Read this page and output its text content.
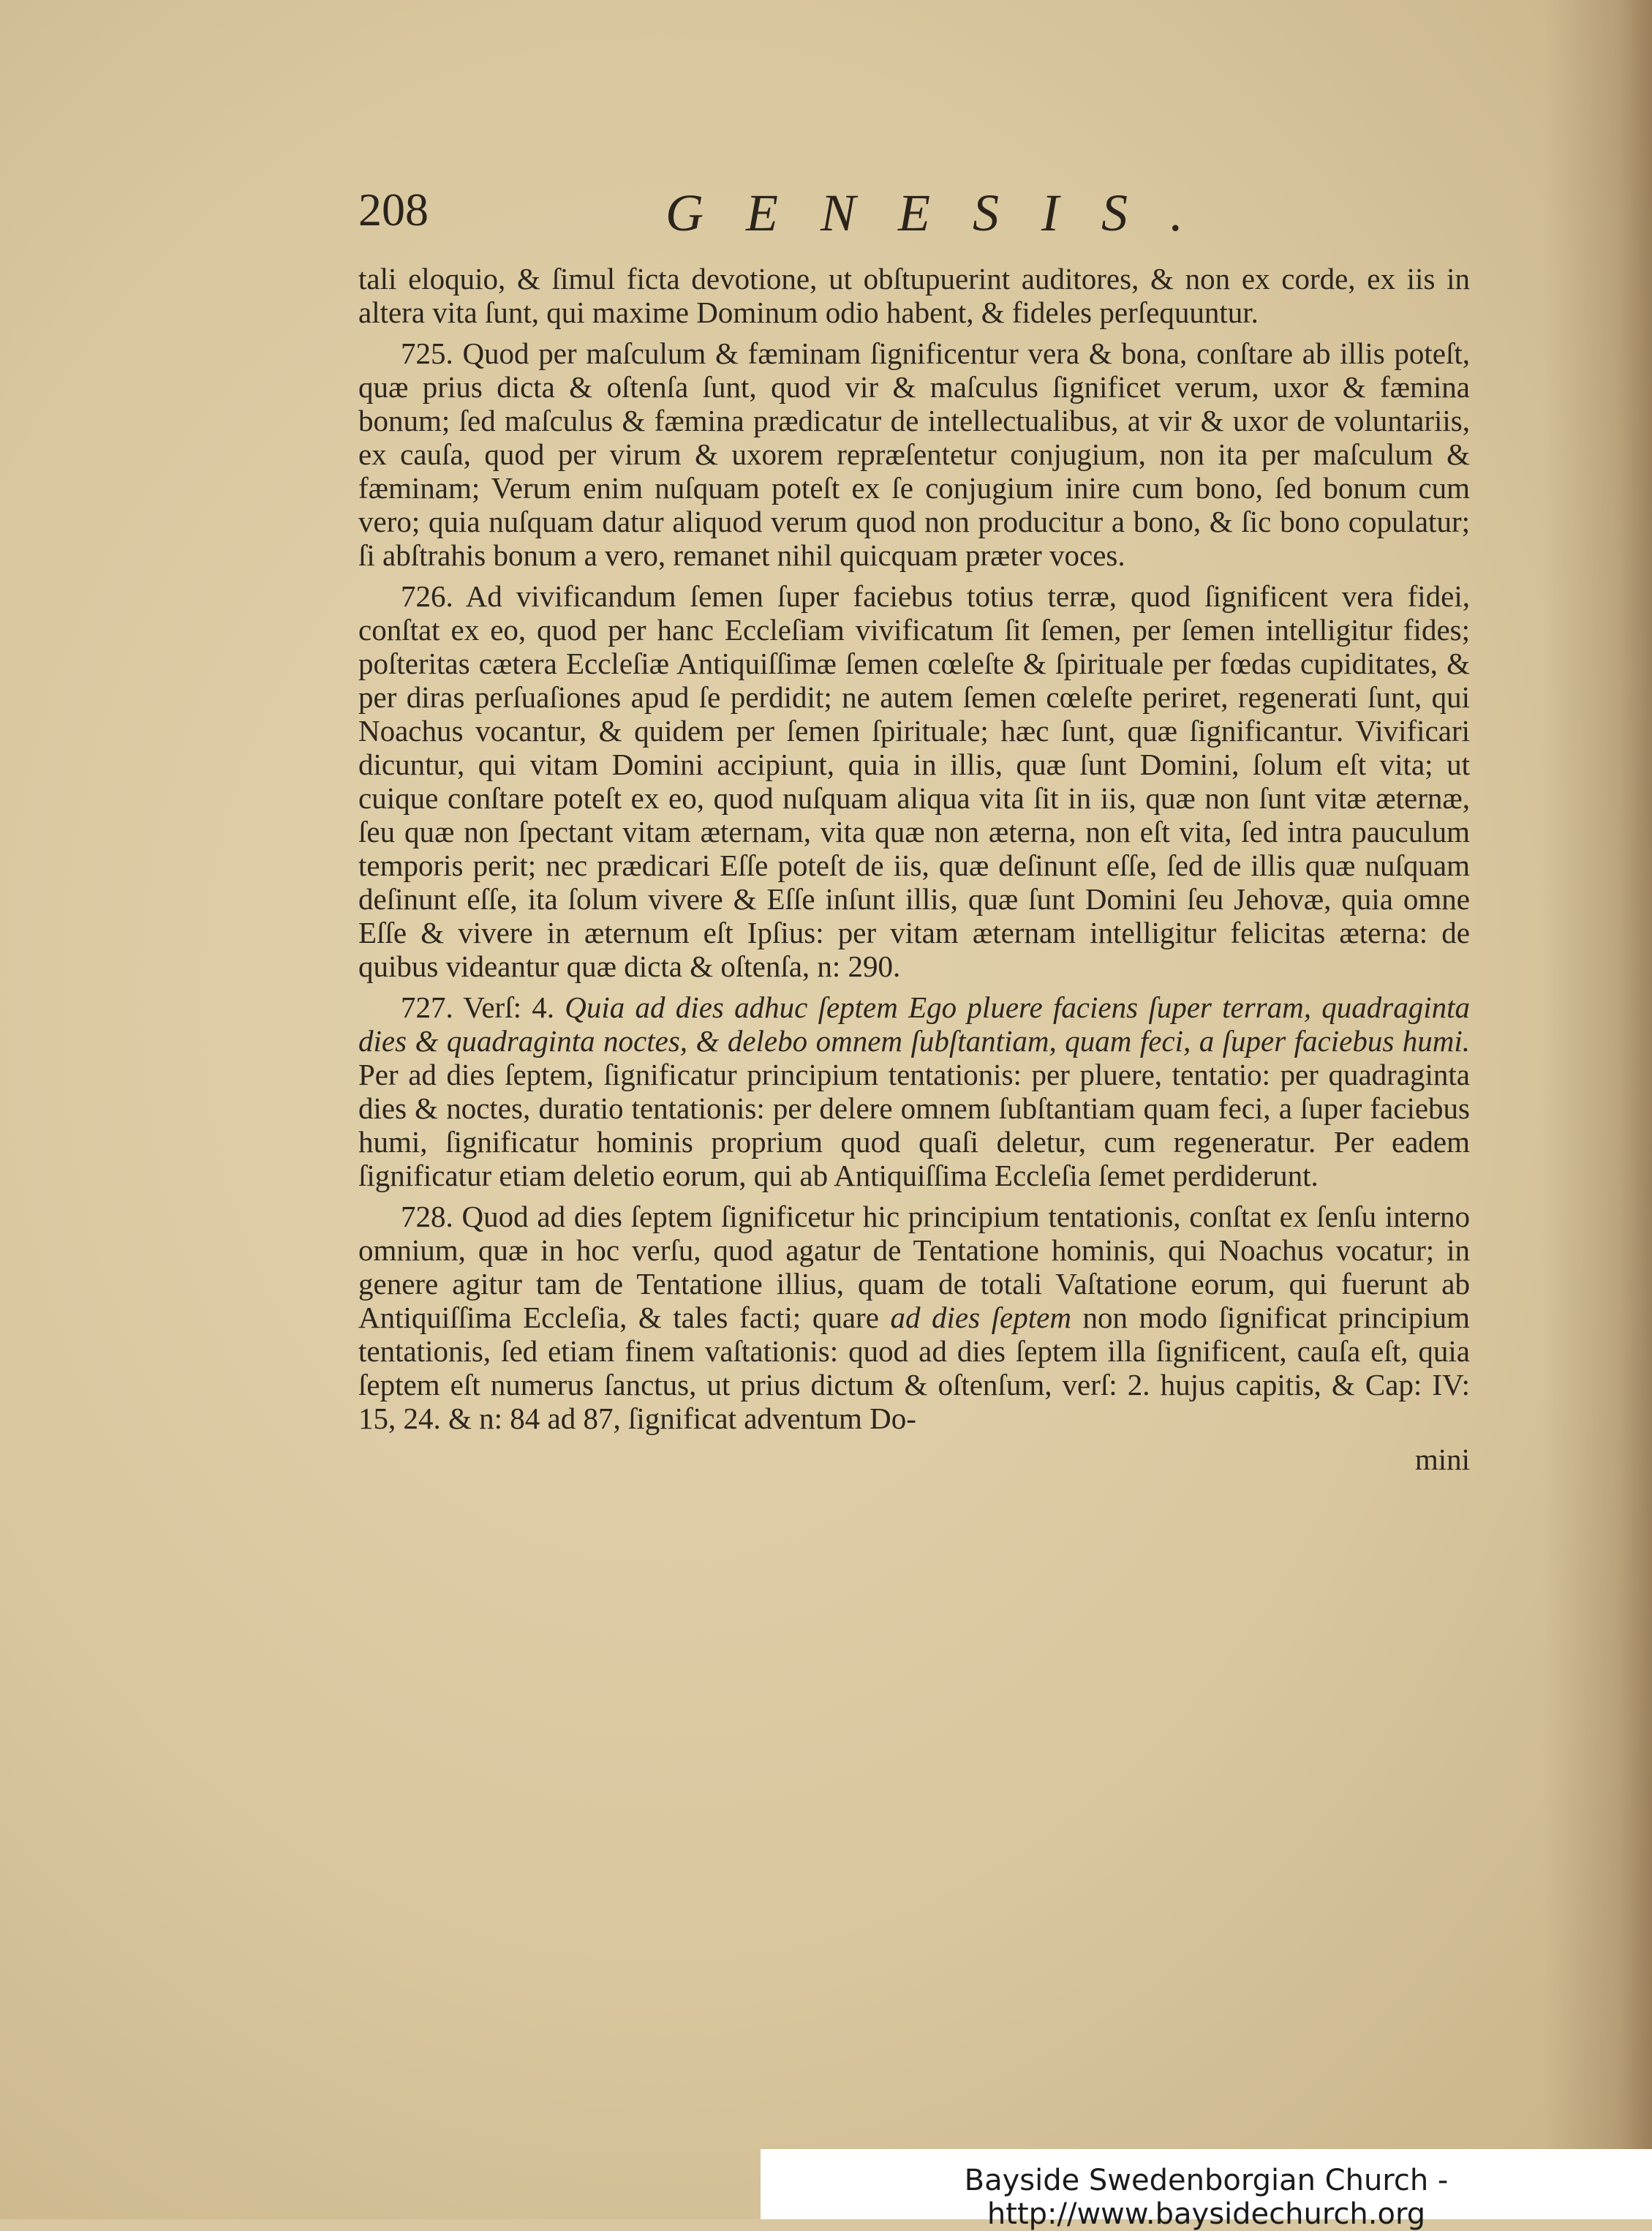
208	GENESIS.

tali eloquio, & ſimul ficta devotione, ut obſtupuerint auditores, & non ex corde, ex iis in altera vita ſunt, qui maxime Dominum odio habent, & fideles perſequuntur.

725. Quod per maſculum & fæminam ſignificentur vera & bona, conſtare ab illis poteſt, quæ prius dicta & oſtenſa ſunt, quod vir & maſculus ſignificet verum, uxor & fæmina bonum; ſed maſculus & fæmina prædicatur de intellectualibus, at vir & uxor de voluntariis, ex cauſa, quod per virum & uxorem repræſentetur conjugium, non ita per maſculum & fæminam; Verum enim nuſquam poteſt ex ſe conjugium inire cum bono, ſed bonum cum vero; quia nuſquam datur aliquod verum quod non producitur a bono, & ſic bono copulatur; ſi abſtrahis bonum a vero, remanet nihil quicquam præter voces.

726. Ad vivificandum ſemen ſuper faciebus totius terræ, quod ſignificent vera fidei, conſtat ex eo, quod per hanc Eccleſiam vivificatum ſit ſemen, per ſemen intelligitur fides; poſteritas cætera Eccleſiæ Antiquiſſimæ ſemen cœleſte & ſpirituale per fœdas cupiditates, & per diras perſuaſiones apud ſe perdidit; ne autem ſemen cœleſte periret, regenerati ſunt, qui Noachus vocantur, & quidem per ſemen ſpirituale; hæc ſunt, quæ ſignificantur. Vivificari dicuntur, qui vitam Domini accipiunt, quia in illis, quæ ſunt Domini, ſolum eſt vita; ut cuique conſtare poteſt ex eo, quod nuſquam aliqua vita ſit in iis, quæ non ſunt vitæ æternæ, ſeu quæ non ſpectant vitam æternam, vita quæ non æterna, non eſt vita, ſed intra pauculum temporis perit; nec prædicari Eſſe poteſt de iis, quæ deſinunt eſſe, ſed de illis quæ nuſquam deſinunt eſſe, ita ſolum vivere & Eſſe inſunt illis, quæ ſunt Domini ſeu Jehovæ, quia omne Eſſe & vivere in æternum eſt Ipſius: per vitam æternam intelligitur felicitas æterna: de quibus videantur quæ dicta & oſtenſa, n: 290.

727. Verſ: 4. Quia ad dies adhuc ſeptem Ego pluere faciens ſuper terram, quadraginta dies & quadraginta noctes, & delebo omnem ſubſtantiam, quam feci, a ſuper faciebus humi. Per ad dies ſeptem, ſignificatur principium tentationis: per pluere, tentatio: per quadraginta dies & noctes, duratio tentationis: per delere omnem ſubſtantiam quam feci, a ſuper faciebus humi, ſignificatur hominis proprium quod quaſi deletur, cum regeneratur. Per eadem ſignificatur etiam deletio eorum, qui ab Antiquiſſima Eccleſia ſemet perdiderunt.

728. Quod ad dies ſeptem ſignificetur hic principium tentationis, conſtat ex ſenſu interno omnium, quæ in hoc verſu, quod agatur de Tentatione hominis, qui Noachus vocatur; in genere agitur tam de Tentatione illius, quam de totali Vaſtatione eorum, qui fuerunt ab Antiquiſſima Eccleſia, & tales facti; quare ad dies ſeptem non modo ſignificat principium tentationis, ſed etiam finem vaſtationis: quod ad dies ſeptem illa ſignificent, cauſa eſt, quia ſeptem eſt numerus ſanctus, ut prius dictum & oſtenſum, verſ: 2. hujus capitis, & Cap: IV: 15, 24. & n: 84 ad 87, ſignificat adventum Do-

mini

Bayside Swedenborgian Church - http://www.baysidechurch.org
